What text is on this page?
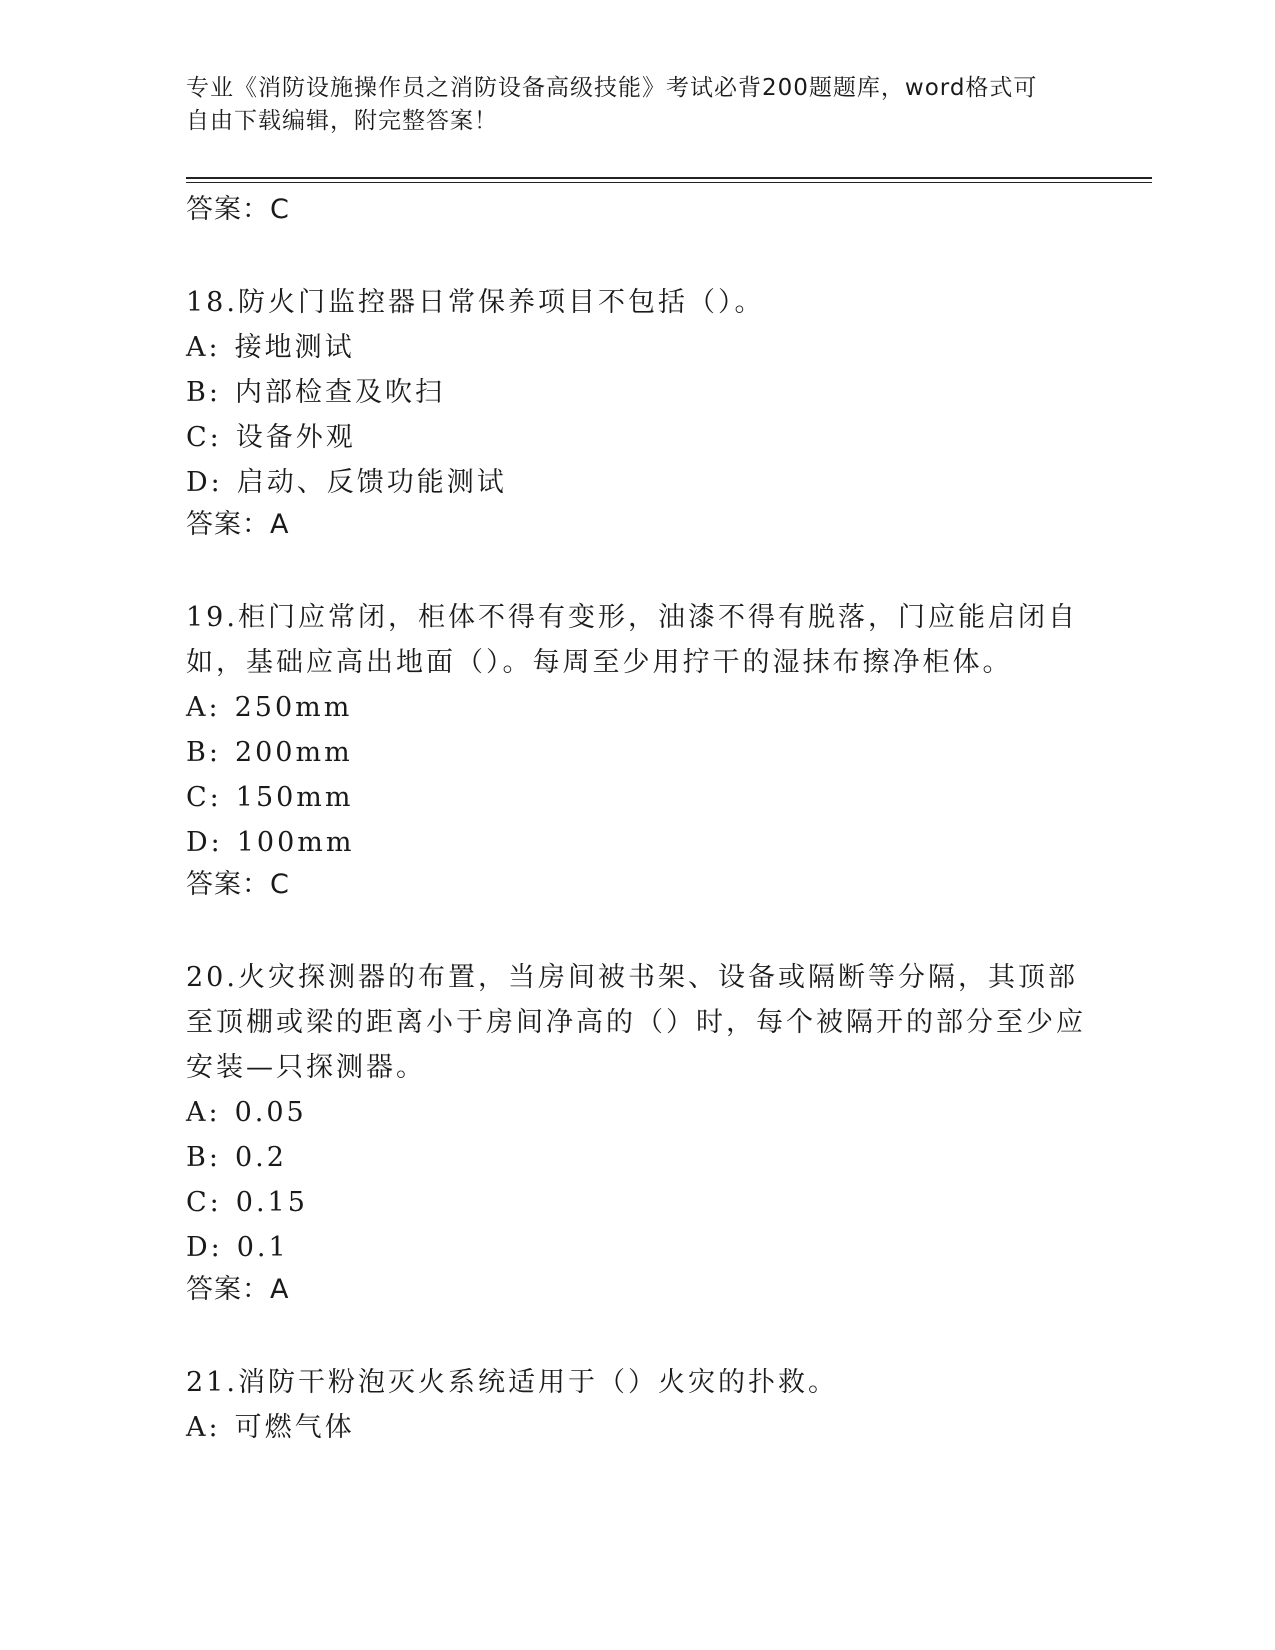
专业《消防设施操作员之消防设备高级技能》考试必背200题题库，word格式可
自由下载编辑，附完整答案！
答案：C

18.防火门监控器日常保养项目不包括（）。

A: 接地测试
B: 内部检查及吹扫
C: 设备外观
D: 启动、反馈功能测试
答案：A

19.柜门应常闭，柜体不得有变形，油漆不得有脱落，门应能启闭自如，基础应高出地面（）。每周至少用拧干的湿抹布擦净柜体。

A: 250mm
B: 200mm
C: 150mm
D: 100mm
答案：C

20.火灾探测器的布置，当房间被书架、设备或隔断等分隔，其顶部至顶棚或梁的距离小于房间净高的（）时，每个被隔开的部分至少应安装—只探测器。

A: 0.05
B: 0.2
C: 0.15
D: 0.1
答案：A

21.消防干粉泡灭火系统适用于（）火灾的扑救。

A: 可燃气体
